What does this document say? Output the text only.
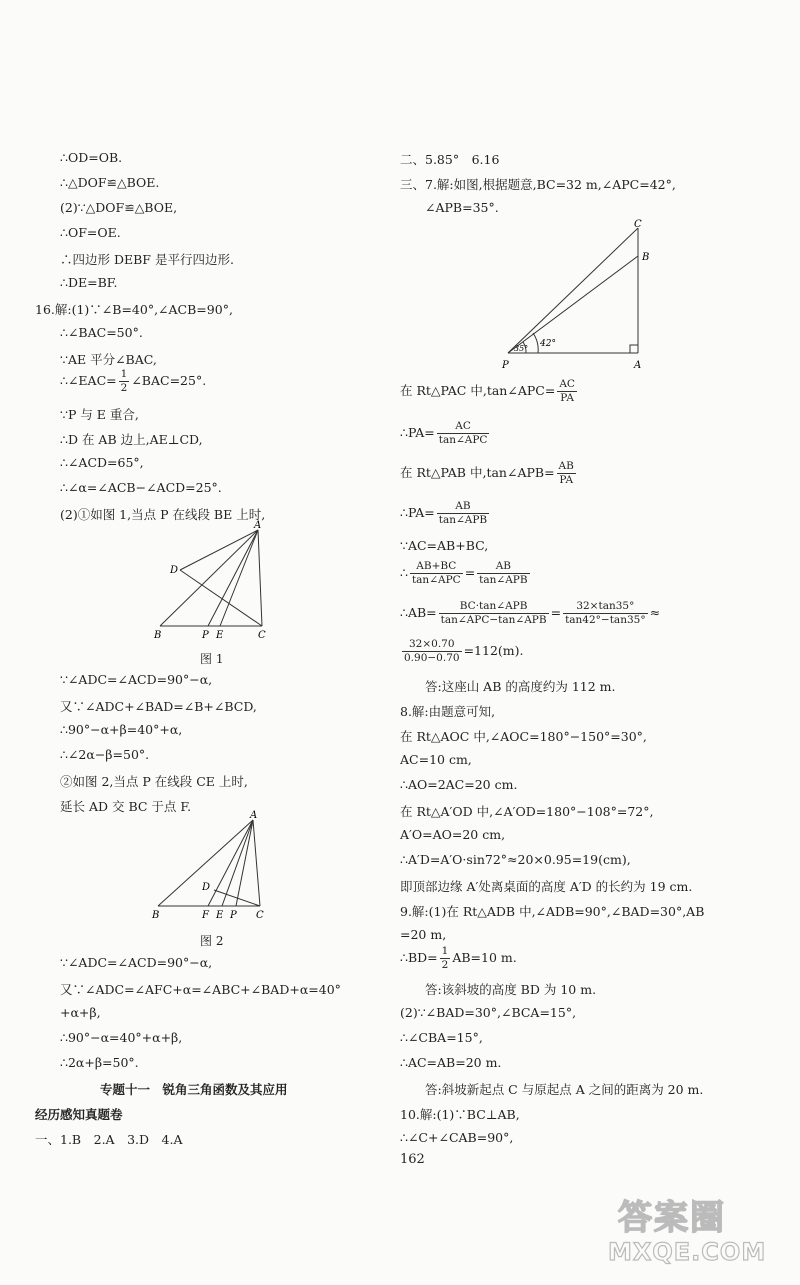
∴OD=OB.
∴△DOF≌△BOE.
(2)∵△DOF≌△BOE,
∴OF=OE.
∴四边形 DEBF 是平行四边形.
∴DE=BF.
16.解:(1)∵∠B=40°,∠ACB=90°,
∴∠BAC=50°.
∵AE 平分∠BAC,
∴∠EAC= $\frac{1}{2}$ ∠BAC=25°.
∵P 与 E 重合,
∴D 在 AB 边上,AE⊥CD,
∴∠ACD=65°,
∴∠α=∠ACB−∠ACD=25°.
(2)①如图 1,当点 P 在线段 BE 上时,
A
D
B	P E	C
图 1
∵∠ADC=∠ACD=90°−α,
又∵∠ADC+∠BAD=∠B+∠BCD,
∴90°−α+β=40°+α,
∴∠2α−β=50°.
②如图 2,当点 P 在线段 CE 上时,
延长 AD 交 BC 于点 F.
A
D
B	F E P C
图 2
∵∠ADC=∠ACD=90°−α,
又∵∠ADC=∠AFC+α=∠ABC+∠BAD+α=40°
+α+β,
∴90°−α=40°+α+β,
∴2α+β=50°.
专题十一　锐角三角函数及其应用
经历感知真题卷
一、1.B　2.A　3.D　4.A
二、5.85°　6.16
三、7.解:如图,根据题意,BC=32 m,∠APC=42°,
∠APB=35°.
C
B
P	A
42°
35°
在 Rt△PAC 中,tan∠APC= $\frac{AC}{PA}$
∴PA= $\frac{AC}{\text{tan∠APC}}$
在 Rt△PAB 中,tan∠APB= $\frac{AB}{PA}$
∴PA= $\frac{AB}{\text{tan∠APB}}$
∵AC=AB+BC,
∴ $\frac{AB+BC}{\text{tan∠APC}} = \frac{AB}{\text{tan∠APB}}$
∴AB= $\frac{\text{BC·tan∠APB}}{\text{tan∠APC−tan∠APB}} = \frac{32\times\tan 35^\circ}{\tan 42^\circ-\tan 35^\circ}$ ≈
$\frac{32\times 0.70}{0.90-0.70} =112(m)$.
答:这座山 AB 的高度约为 112 m.
8.解:由题意可知,
在 Rt△AOC 中,∠AOC=180°−150°=30°,
AC=10 cm,
∴AO=2AC=20 cm.
在 Rt△A′OD 中,∠A′OD=180°−108°=72°,
A′O=AO=20 cm,
∴A′D=A′O·sin72°≈20×0.95=19(cm),
即顶部边缘 A′处离桌面的高度 A′D 的长约为 19 cm.
9.解:(1)在 Rt△ADB 中,∠ADB=90°,∠BAD=30°,AB
=20 m,
∴BD= $\frac{1}{2} AB=10$ m.
答:该斜坡的高度 BD 为 10 m.
(2)∵∠BAD=30°,∠BCA=15°,
∴∠CBA=15°,
∴AC=AB=20 m.
答:斜坡新起点 C 与原起点 A 之间的距离为 20 m.
10.解:(1)∵BC⊥AB,
∴∠C+∠CAB=90°,
162
答案圈
MXQE.COM
